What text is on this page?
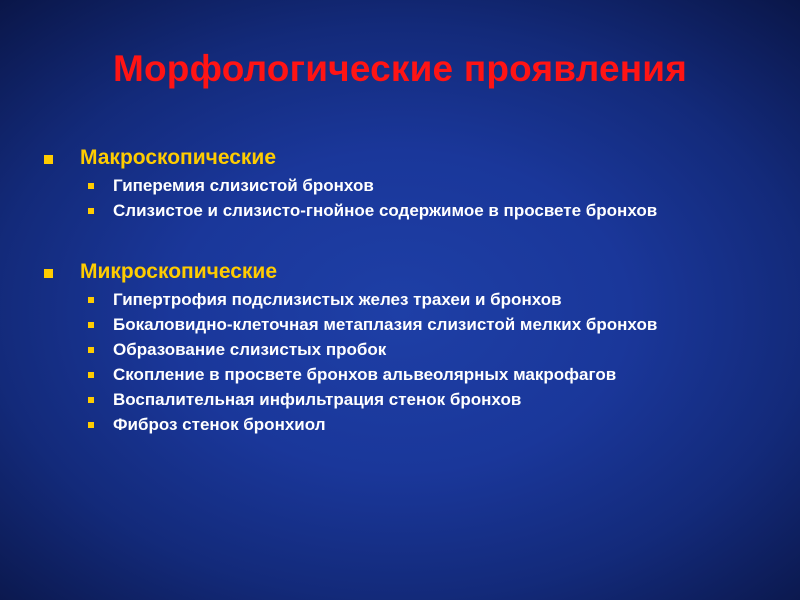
Морфологические проявления
Макроскопические
Гиперемия слизистой бронхов
Слизистое и слизисто-гнойное содержимое в просвете бронхов
Микроскопические
Гипертрофия подслизистых желез трахеи и бронхов
Бокаловидно-клеточная метаплазия слизистой мелких бронхов
Образование слизистых пробок
Скопление в просвете бронхов альвеолярных макрофагов
Воспалительная инфильтрация стенок бронхов
Фиброз стенок бронхиол
